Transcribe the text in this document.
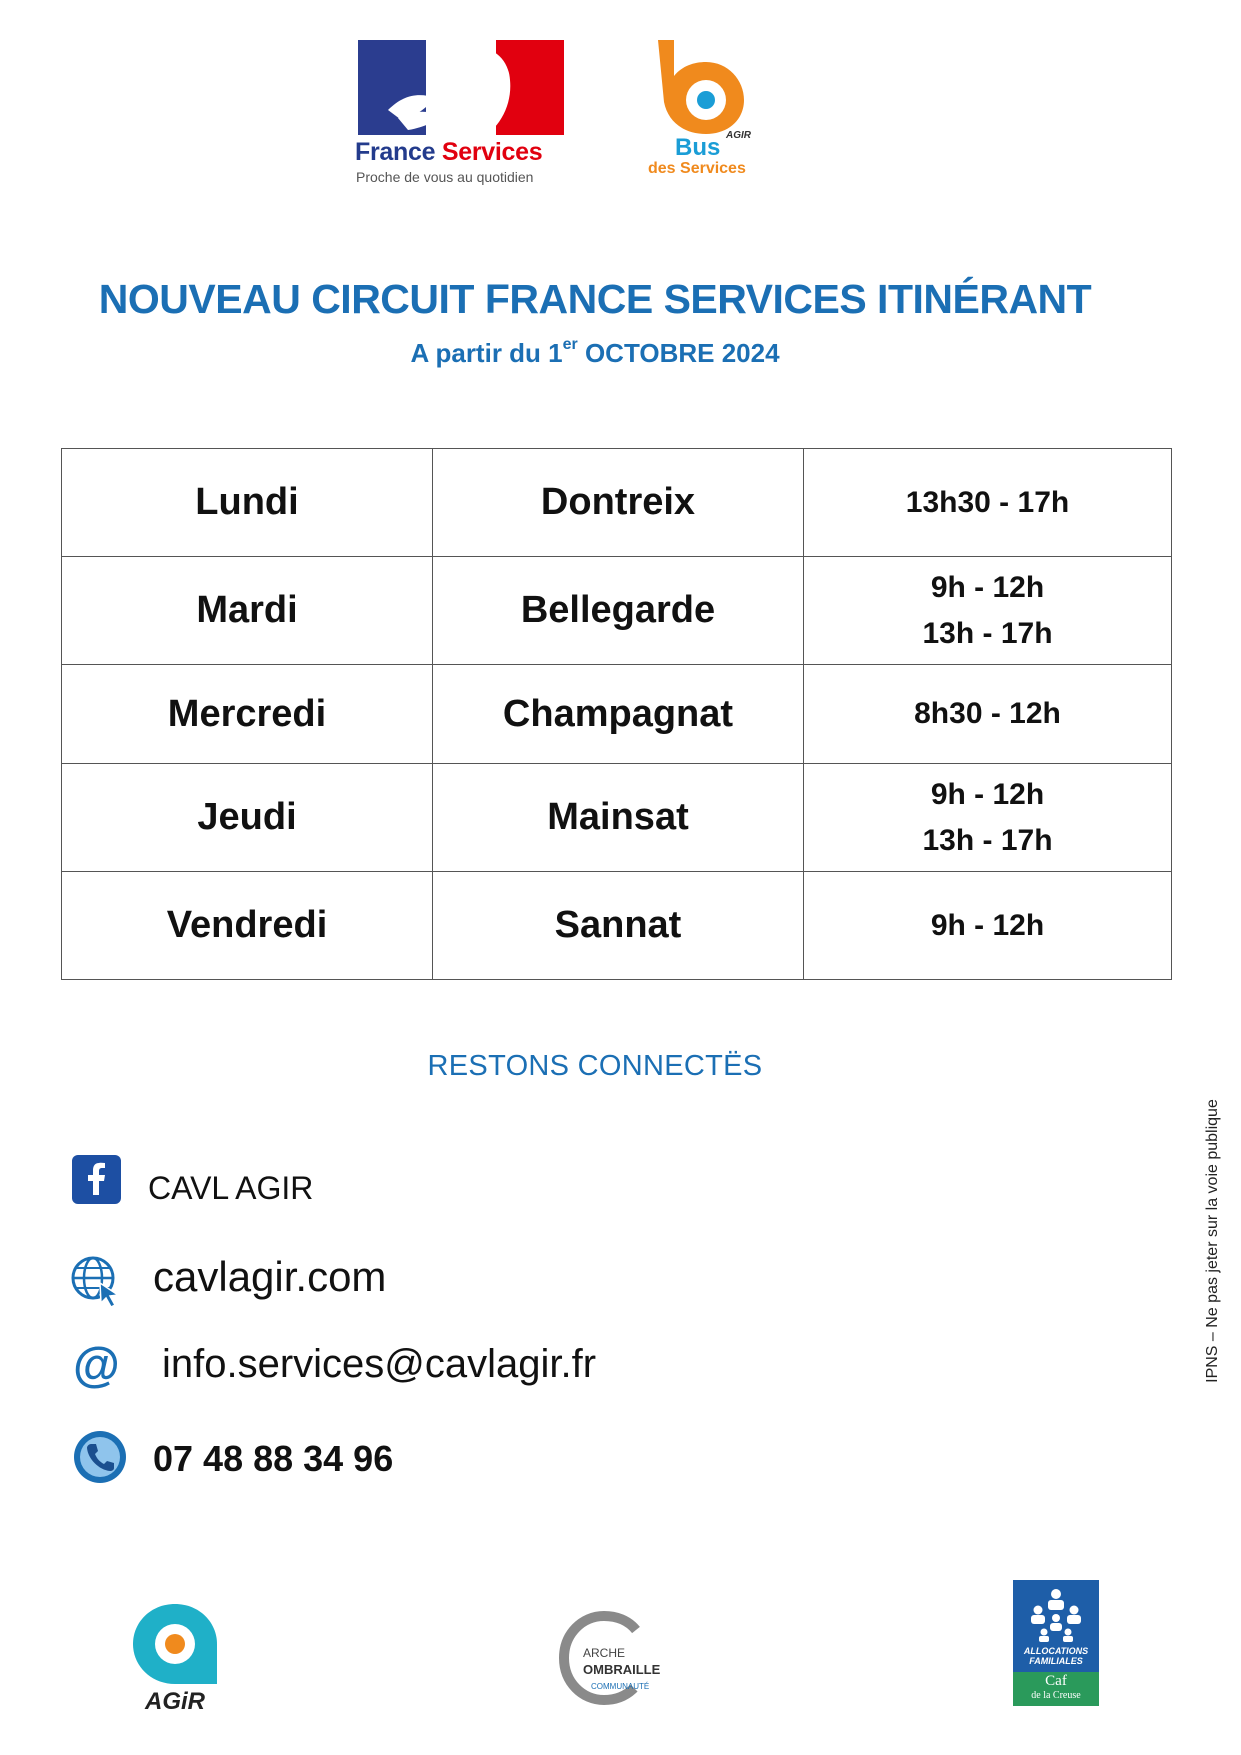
France Services
Proche de vous au quotidien
Bus AGIR
des Services
NOUVEAU CIRCUIT FRANCE SERVICES ITINÉRANT
A partir du 1er OCTOBRE 2024
Lundi	Dontreix	13h30 - 17h

Mardi	Bellegarde	9h - 12h
13h - 17h

Mercredi	Champagnat	8h30 - 12h

Jeudi	Mainsat	9h - 12h
13h - 17h

Vendredi	Sannat	9h - 12h
RESTONS CONNECTËS
CAVL AGIR
cavlagir.com
@ info.services@cavlagir.fr
07 48 88 34 96
IPNS – Ne pas jeter sur la voie publique
AGiR
ARCHE
OMBRAILLE
COMMUNAUTÉ
ALLOCATIONS
FAMILIALES
Caf
de la Creuse
